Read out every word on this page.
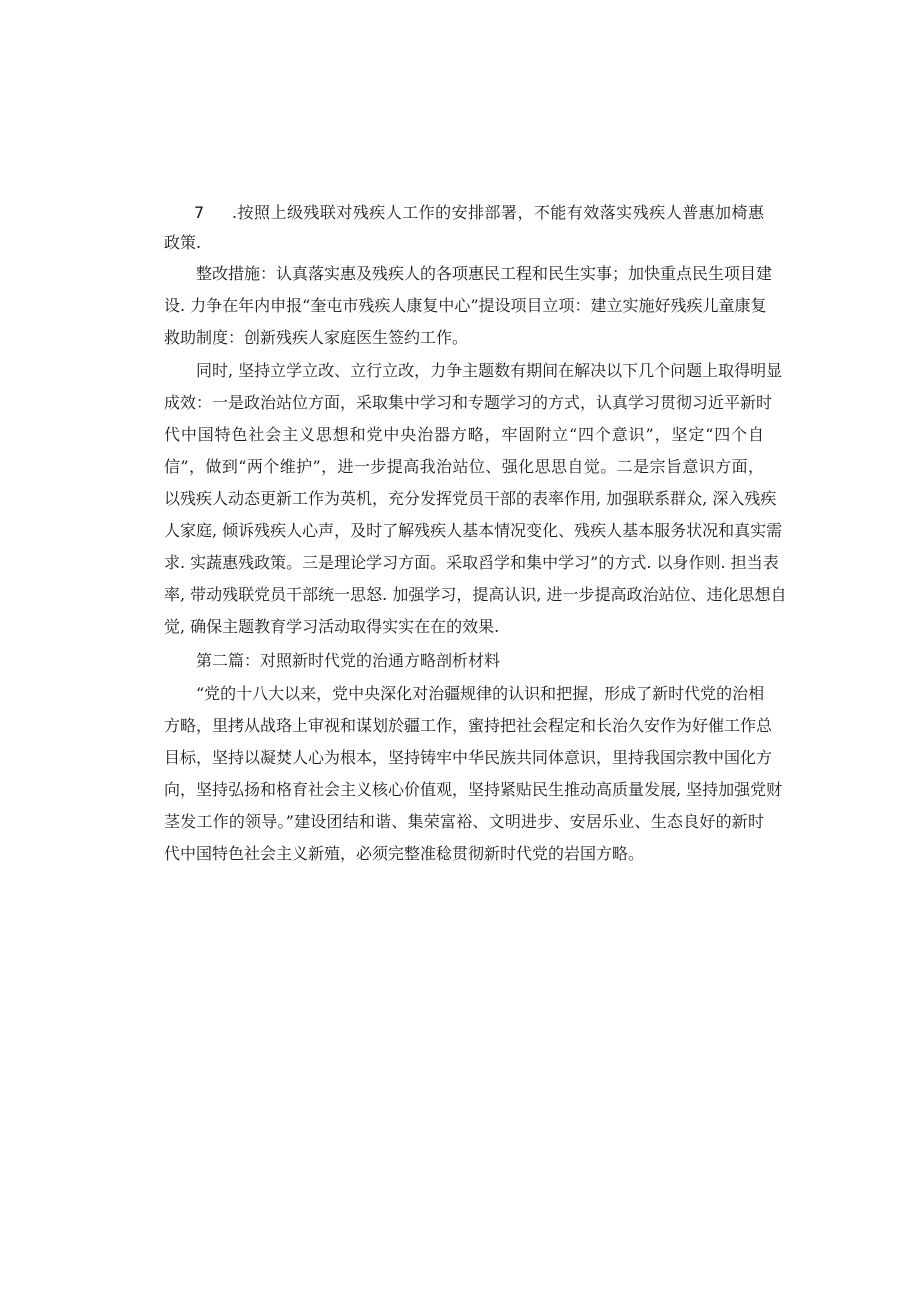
7	.按照上级残联对残疾人工作的安排部署，不能有效落实残疾人普惠加椅惠
政策.
整改措施：认真落实惠及残疾人的各项惠民工程和民生实事；加快重点民生项目建
设. 力争在年内申报“奎屯市残疾人康复中心”提设项目立项：建立实施好残疾儿童康复
救助制度：创新残疾人家庭医生签约工作。
同时, 坚持立学立改、立行立改，力争主题数有期间在解决以下几个问题上取得明显
成效：一是政治站位方面，采取集中学习和专题学习的方式，认真学习贯彻习近平新时
代中国特色社会主义思想和党中央治器方略，牢固附立“四个意识”，坚定“四个自
信”，做到“两个维护”，进一步提高我治站位、强化思思自觉。二是宗旨意识方面，
以残疾人动态更新工作为英机，充分发挥党员干部的表率作用, 加强联系群众, 深入残疾
人家庭, 倾诉残疾人心声，及时了解残疾人基本情况变化、残疾人基本服务状况和真实需
求. 实蔬惠残政策。三是理论学习方面。采取舀学和集中学习”的方式. 以身作则. 担当表
率, 带动残联党员干部统一思怒. 加强学习，提高认识, 进一步提高政治站位、违化思想自
觉, 确保主题教育学习活动取得实实在在的效果.
第二篇：对照新时代党的治通方略剖析材料
“党的十八大以来，党中央深化对治疆规律的认识和把握，形成了新时代党的治相
方略，里拷从战珞上审视和谋划於疆工作，蜜持把社会程定和长治久安作为好催工作总
目标，坚持以凝焚人心为根本，坚持铸牢中华民族共同体意识，里持我国宗教中国化方
向，坚持弘扬和格育社会主义核心价值观，坚持紧贴民生推动高质量发展, 坚持加强党财
茎发工作的领导。”建设团结和谐、集荣富裕、文明进步、安居乐业、生态良好的新时
代中国特色社会主义新殖，必须完整准稔贯彻新时代党的岩国方略。
